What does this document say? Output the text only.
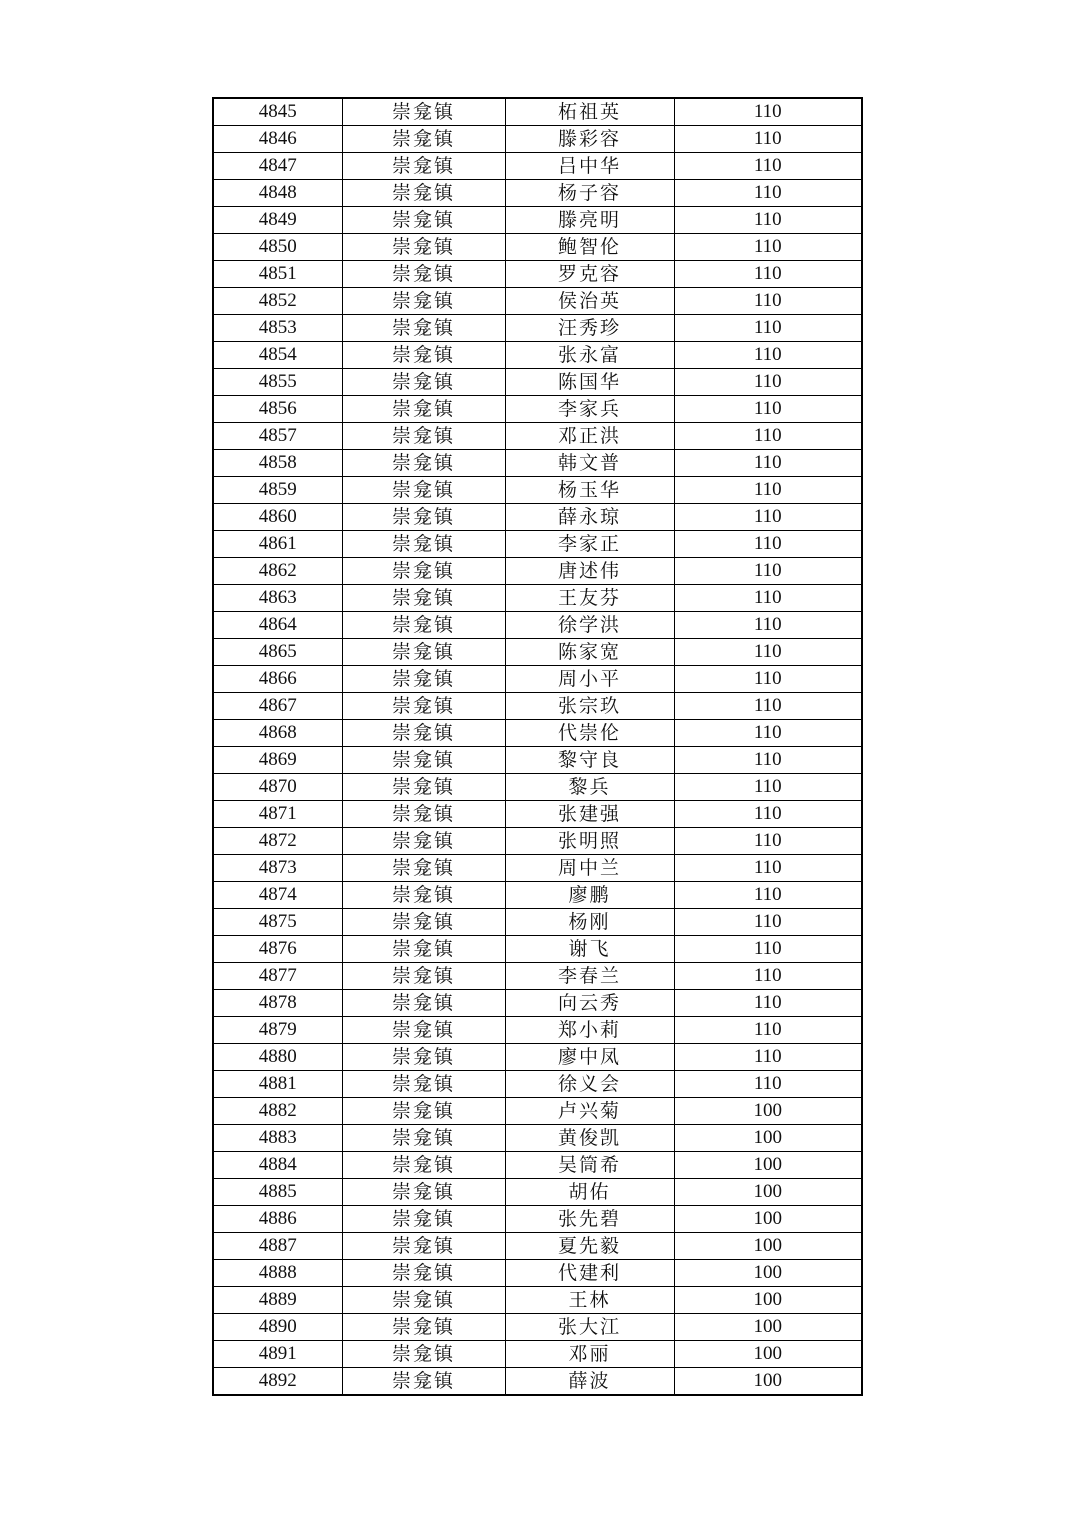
4845	崇龛镇	柘祖英	110
4846	崇龛镇	滕彩容	110
4847	崇龛镇	吕中华	110
4848	崇龛镇	杨子容	110
4849	崇龛镇	滕亮明	110
4850	崇龛镇	鲍智伦	110
4851	崇龛镇	罗克容	110
4852	崇龛镇	侯治英	110
4853	崇龛镇	汪秀珍	110
4854	崇龛镇	张永富	110
4855	崇龛镇	陈国华	110
4856	崇龛镇	李家兵	110
4857	崇龛镇	邓正洪	110
4858	崇龛镇	韩文普	110
4859	崇龛镇	杨玉华	110
4860	崇龛镇	薛永琼	110
4861	崇龛镇	李家正	110
4862	崇龛镇	唐述伟	110
4863	崇龛镇	王友芬	110
4864	崇龛镇	徐学洪	110
4865	崇龛镇	陈家宽	110
4866	崇龛镇	周小平	110
4867	崇龛镇	张宗玖	110
4868	崇龛镇	代崇伦	110
4869	崇龛镇	黎守良	110
4870	崇龛镇	黎兵	110
4871	崇龛镇	张建强	110
4872	崇龛镇	张明照	110
4873	崇龛镇	周中兰	110
4874	崇龛镇	廖鹏	110
4875	崇龛镇	杨刚	110
4876	崇龛镇	谢飞	110
4877	崇龛镇	李春兰	110
4878	崇龛镇	向云秀	110
4879	崇龛镇	郑小莉	110
4880	崇龛镇	廖中凤	110
4881	崇龛镇	徐义会	110
4882	崇龛镇	卢兴菊	100
4883	崇龛镇	黄俊凯	100
4884	崇龛镇	吴筒希	100
4885	崇龛镇	胡佑	100
4886	崇龛镇	张先碧	100
4887	崇龛镇	夏先毅	100
4888	崇龛镇	代建利	100
4889	崇龛镇	王林	100
4890	崇龛镇	张大江	100
4891	崇龛镇	邓丽	100
4892	崇龛镇	薛波	100
